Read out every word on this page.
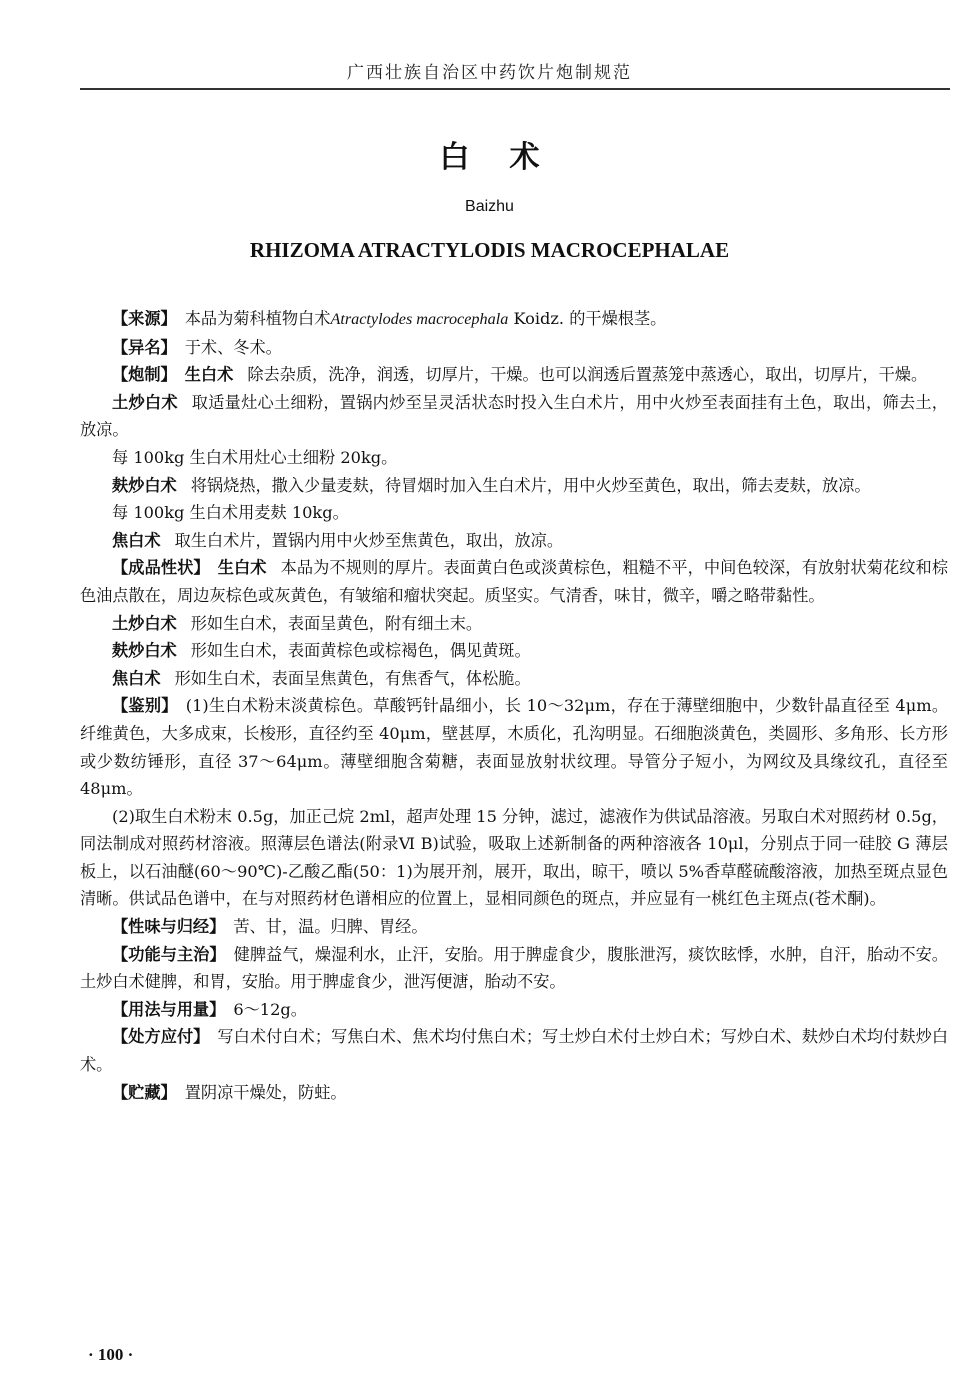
广西壮族自治区中药饮片炮制规范
白术
Baizhu
RHIZOMA ATRACTYLODIS MACROCEPHALAE

【来源】 本品为菊科植物白术Atractylodes macrocephala Koidz. 的干燥根茎。

【异名】 于术、冬术。

【炮制】 生白术 除去杂质，洗净，润透，切厚片，干燥。也可以润透后置蒸笼中蒸透心，取出，切厚片，干燥。

土炒白术 取适量灶心土细粉，置锅内炒至呈灵活状态时投入生白术片，用中火炒至表面挂有土色，取出，筛去土，放凉。

每 100kg 生白术用灶心土细粉 20kg。

麸炒白术 将锅烧热，撒入少量麦麸，待冒烟时加入生白术片，用中火炒至黄色，取出，筛去麦麸，放凉。

每 100kg 生白术用麦麸 10kg。

焦白术 取生白术片，置锅内用中火炒至焦黄色，取出，放凉。

【成品性状】 生白术 本品为不规则的厚片。表面黄白色或淡黄棕色，粗糙不平，中间色较深，有放射状菊花纹和棕色油点散在，周边灰棕色或灰黄色，有皱缩和瘤状突起。质坚实。气清香，味甘，微辛，嚼之略带黏性。

土炒白术 形如生白术，表面呈黄色，附有细土末。

麸炒白术 形如生白术，表面黄棕色或棕褐色，偶见黄斑。

焦白术 形如生白术，表面呈焦黄色，有焦香气，体松脆。

【鉴别】 (1)生白术粉末淡黄棕色。草酸钙针晶细小，长 10～32μm，存在于薄壁细胞中，少数针晶直径至 4μm。纤维黄色，大多成束，长梭形，直径约至 40μm，壁甚厚，木质化，孔沟明显。石细胞淡黄色，类圆形、多角形、长方形或少数纺锤形，直径 37～64μm。薄壁细胞含菊糖，表面显放射状纹理。导管分子短小，为网纹及具缘纹孔，直径至 48μm。

(2)取生白术粉末 0.5g，加正己烷 2ml，超声处理 15 分钟，滤过，滤液作为供试品溶液。另取白术对照药材 0.5g，同法制成对照药材溶液。照薄层色谱法(附录Ⅵ B)试验，吸取上述新制备的两种溶液各 10μl，分别点于同一硅胶 G 薄层板上，以石油醚(60～90℃)-乙酸乙酯(50：1)为展开剂，展开，取出，晾干，喷以 5%香草醛硫酸溶液，加热至斑点显色清晰。供试品色谱中，在与对照药材色谱相应的位置上，显相同颜色的斑点，并应显有一桃红色主斑点(苍术酮)。

【性味与归经】 苦、甘，温。归脾、胃经。

【功能与主治】 健脾益气，燥湿利水，止汗，安胎。用于脾虚食少，腹胀泄泻，痰饮眩悸，水肿，自汗，胎动不安。土炒白术健脾，和胃，安胎。用于脾虚食少，泄泻便溏，胎动不安。

【用法与用量】 6～12g。

【处方应付】 写白术付白术；写焦白术、焦术均付焦白术；写土炒白术付土炒白术；写炒白术、麸炒白术均付麸炒白术。

【贮藏】 置阴凉干燥处，防蛀。

· 100 ·
